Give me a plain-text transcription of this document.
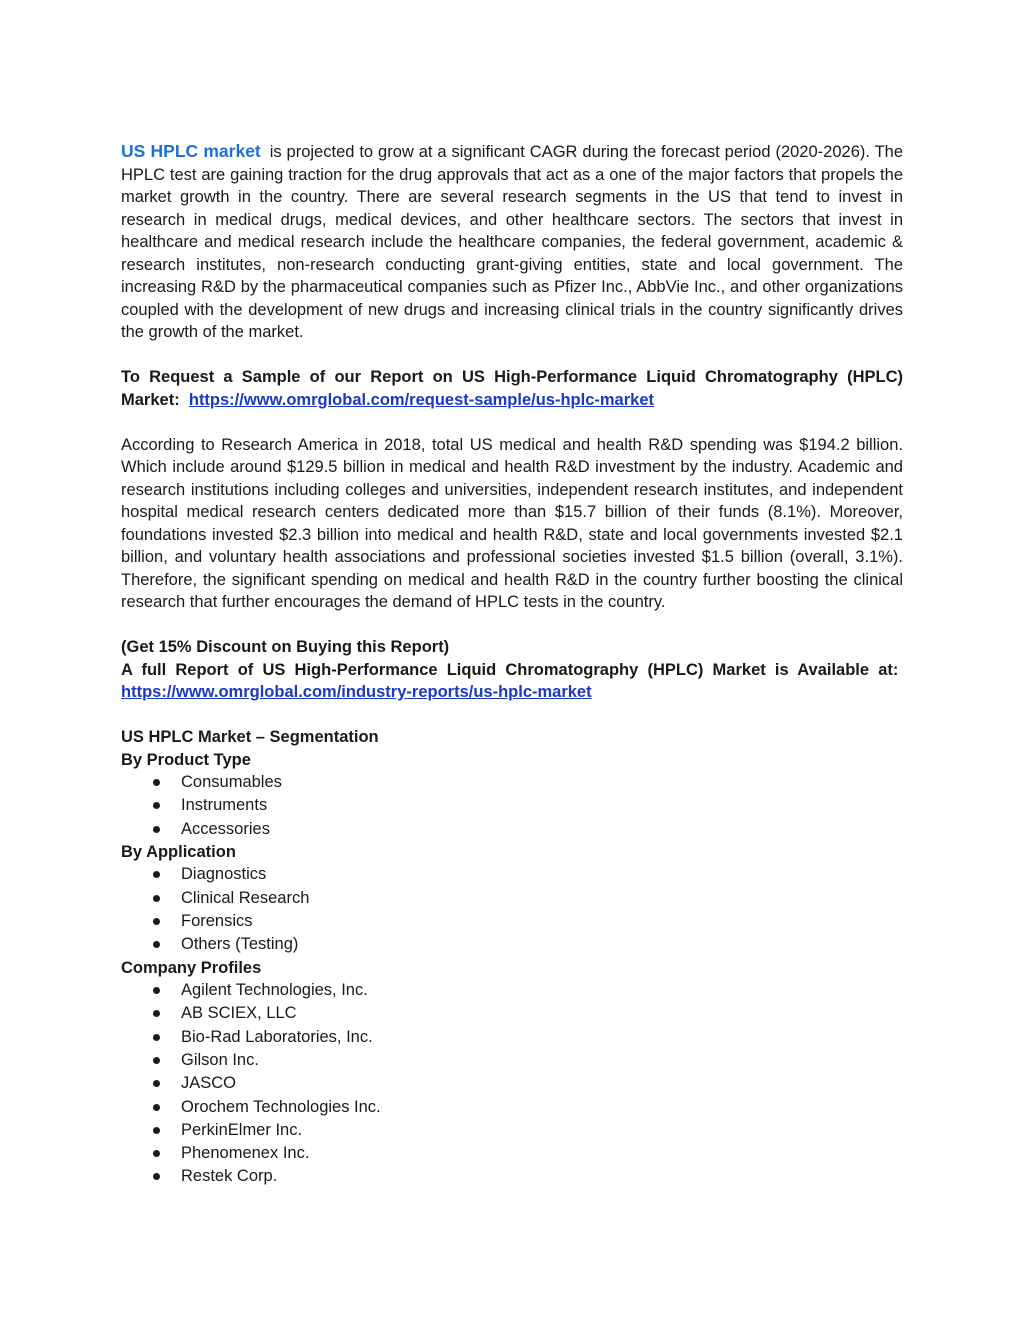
US HPLC market is projected to grow at a significant CAGR during the forecast period (2020-2026). The HPLC test are gaining traction for the drug approvals that act as a one of the major factors that propels the market growth in the country. There are several research segments in the US that tend to invest in research in medical drugs, medical devices, and other healthcare sectors. The sectors that invest in healthcare and medical research include the healthcare companies, the federal government, academic & research institutes, non-research conducting grant-giving entities, state and local government. The increasing R&D by the pharmaceutical companies such as Pfizer Inc., AbbVie Inc., and other organizations coupled with the development of new drugs and increasing clinical trials in the country significantly drives the growth of the market.

To Request a Sample of our Report on US High-Performance Liquid Chromatography (HPLC) Market: https://www.omrglobal.com/request-sample/us-hplc-market

According to Research America in 2018, total US medical and health R&D spending was $194.2 billion. Which include around $129.5 billion in medical and health R&D investment by the industry. Academic and research institutions including colleges and universities, independent research institutes, and independent hospital medical research centers dedicated more than $15.7 billion of their funds (8.1%). Moreover, foundations invested $2.3 billion into medical and health R&D, state and local governments invested $2.1 billion, and voluntary health associations and professional societies invested $1.5 billion (overall, 3.1%). Therefore, the significant spending on medical and health R&D in the country further boosting the clinical research that further encourages the demand of HPLC tests in the country.

(Get 15% Discount on Buying this Report)

A full Report of US High-Performance Liquid Chromatography (HPLC) Market is Available at:  https://www.omrglobal.com/industry-reports/us-hplc-market

US HPLC Market – Segmentation
By Product Type
Consumables
Instruments
Accessories
By Application
Diagnostics
Clinical Research
Forensics
Others (Testing)
Company Profiles
Agilent Technologies, Inc.
AB SCIEX, LLC
Bio-Rad Laboratories, Inc.
Gilson Inc.
JASCO
Orochem Technologies Inc.
PerkinElmer Inc.
Phenomenex Inc.
Restek Corp.
